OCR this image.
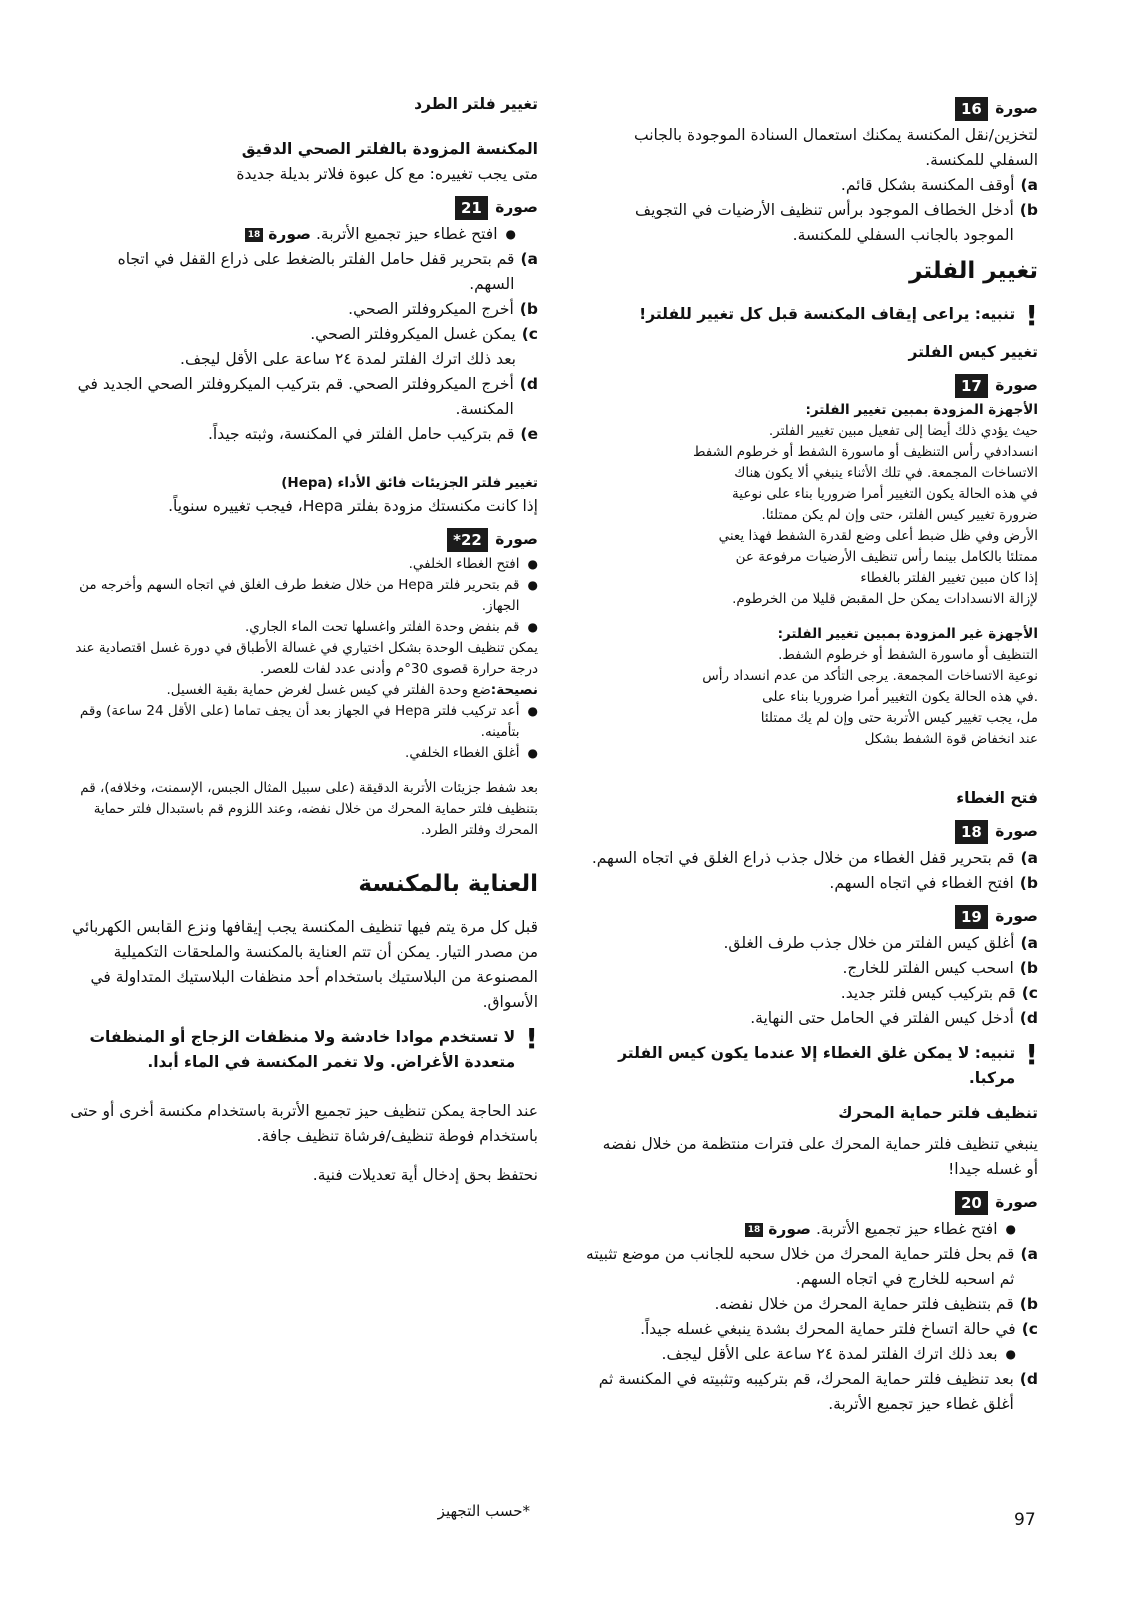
صورة 16

لتخزين/نقل المكنسة يمكنك استعمال السنادة الموجودة بالجانب السفلي للمكنسة.

a)
أوقف المكنسة بشكل قائم.
b)
أدخل الخطاف الموجود برأس تنظيف الأرضيات في التجويف الموجود بالجانب السفلي للمكنسة.

تغيير الفلتر

!
تنبيه: يراعى إيقاف المكنسة قبل كل تغيير للفلتر!

تغيير كيس الفلتر

صورة 17

الأجهزة المزودة بمبين تغيير الفلتر:

حيث يؤدي ذلك أيضا إلى تفعيل مبين تغيير الفلتر.

انسدادفي رأس التنظيف أو ماسورة الشفط أو خرطوم الشفط

الاتساخات المجمعة. في تلك الأثناء ينبغي ألا يكون هناك

في هذه الحالة يكون التغيير أمرا ضروريا بناء على نوعية

ضرورة تغيير كيس الفلتر، حتى وإن لم يكن ممتلئا.

الأرض وفي ظل ضبط أعلى وضع لقدرة الشفط فهذا يعني

ممتلئا بالكامل بينما رأس تنظيف الأرضيات مرفوعة عن

إذا كان مبين تغيير الفلتر بالغطاء

لإزالة الانسدادات يمكن حل المقبض قليلا من الخرطوم.

الأجهزة غير المزودة بمبين تغيير الفلتر:

التنظيف أو ماسورة الشفط أو خرطوم الشفط.

نوعية الاتساخات المجمعة. يرجى التأكد من عدم انسداد رأس

.في هذه الحالة يكون التغيير أمرا ضروريا بناء على

مل، يجب تغيير كيس الأتربة حتى وإن لم يك ممتلئا

عند انخفاض قوة الشفط بشكل

فتح الغطاء

صورة 18

a)
قم بتحرير قفل الغطاء من خلال جذب ذراع الغلق في اتجاه السهم.
b)
افتح الغطاء في اتجاه السهم.

صورة 19

a)
أغلق كيس الفلتر من خلال جذب طرف الغلق.
b)
اسحب كيس الفلتر للخارج.
c)
قم بتركيب كيس فلتر جديد.
d)
أدخل كيس الفلتر في الحامل حتى النهاية.
!
تنبيه: لا يمكن غلق الغطاء إلا عندما يكون كيس الفلتر مركبا.

تنظيف فلتر حماية المحرك

ينبغي تنظيف فلتر حماية المحرك على فترات منتظمة من خلال نفضه أو غسله جيدا!

صورة 20

●
افتح غطاء حيز تجميع الأتربة. صورة 18
a)
قم بحل فلتر حماية المحرك من خلال سحبه للجانب من موضع تثبيته ثم اسحبه للخارج في اتجاه السهم.
b)
قم بتنظيف فلتر حماية المحرك من خلال نفضه.
c)
في حالة اتساخ فلتر حماية المحرك بشدة ينبغي غسله جيداً.
●
بعد ذلك اترك الفلتر لمدة ٢٤ ساعة على الأقل ليجف.
d)
بعد تنظيف فلتر حماية المحرك، قم بتركيبه وتثبيته في المكنسة ثم أغلق غطاء حيز تجميع الأتربة.

تغيير فلتر الطرد

المكنسة المزودة بالفلتر الصحي الدقيق

متى يجب تغييره: مع كل عبوة فلاتر بديلة جديدة

صورة 21

●
افتح غطاء حيز تجميع الأتربة. صورة 18
a)
قم بتحرير قفل حامل الفلتر بالضغط على ذراع القفل في اتجاه السهم.
b)
أخرج الميكروفلتر الصحي.
c)
يمكن غسل الميكروفلتر الصحي.

بعد ذلك اترك الفلتر لمدة ٢٤ ساعة على الأقل ليجف.

d)
أخرج الميكروفلتر الصحي. قم بتركيب الميكروفلتر الصحي الجديد في المكنسة.
e)
قم بتركيب حامل الفلتر في المكنسة، وثبته جيداً.

تغيير فلتر الجزيئات فائق الأداء (Hepa)

إذا كانت مكنستك مزودة بفلتر Hepa، فيجب تغييره سنوياً.

صورة 22*

●
افتح الغطاء الخلفي.
●
قم بتحرير فلتر Hepa من خلال ضغط طرف الغلق في اتجاه السهم وأخرجه من الجهاز.
●
قم بنفض وحدة الفلتر واغسلها تحت الماء الجاري.

يمكن تنظيف الوحدة بشكل اختياري في غسالة الأطباق في دورة غسل اقتصادية عند درجة حرارة قصوى 30°م وأدنى عدد لفات للعصر.

نصيحة:ضع وحدة الفلتر في كيس غسل لغرض حماية بقية الغسيل.

●
أعد تركيب فلتر Hepa في الجهاز بعد أن يجف تماما (على الأقل 24 ساعة) وقم بتأمينه.
●
أغلق الغطاء الخلفي.

بعد شفط جزيئات الأتربة الدقيقة (على سبيل المثال الجبس، الإسمنت، وخلافه)، قم بتنظيف فلتر حماية المحرك من خلال نفضه، وعند اللزوم قم باستبدال فلتر حماية المحرك وفلتر الطرد.

العناية بالمكنسة

قبل كل مرة يتم فيها تنظيف المكنسة يجب إيقافها ونزع القابس الكهربائي من مصدر التيار. يمكن أن تتم العناية بالمكنسة والملحقات التكميلية المصنوعة من البلاستيك باستخدام أحد منظفات البلاستيك المتداولة في الأسواق.

!
لا تستخدم موادا خادشة ولا منظفات الزجاج أو المنظفات متعددة الأغراض. ولا تغمر المكنسة في الماء أبدا.

عند الحاجة يمكن تنظيف حيز تجميع الأتربة باستخدام مكنسة أخرى أو حتى باستخدام فوطة تنظيف/فرشاة تنظيف جافة.

نحتفظ بحق إدخال أية تعديلات فنية.

*حسب التجهيز	97
